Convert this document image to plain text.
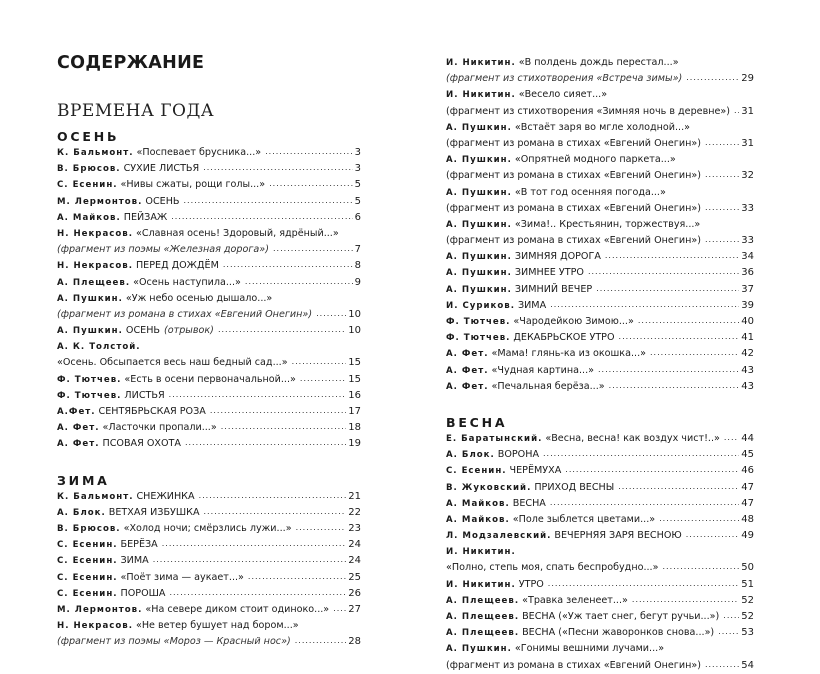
СОДЕРЖАНИЕ
ВРЕМЕНА ГОДА
ОСЕНЬ
К. Бальмонт. «Поспевает брусника...» .....	3
В. Брюсов. СУХИЕ ЛИСТЬЯ .....	3
С. Есенин. «Нивы сжаты, рощи голы...» .....	5
М. Лермонтов. ОСЕНЬ .....	5
А. Майков. ПЕЙЗАЖ .....	6
Н. Некрасов. «Славная осень! Здоровый, ядрёный...»
(фрагмент из поэмы «Железная дорога») .....	7
Н. Некрасов. ПЕРЕД ДОЖДЁМ .....	8
А. Плещеев. «Осень наступила...» .....	9
А. Пушкин. «Уж небо осенью дышало...»
(фрагмент из романа в стихах «Евгений Онегин») .....	10
А. Пушкин. ОСЕНЬ (отрывок) .....	10
А. К. Толстой.
«Осень. Обсыпается весь наш бедный сад...» .....	15
Ф. Тютчев. «Есть в осени первоначальной...» .....	15
Ф. Тютчев. ЛИСТЬЯ .....	16
А.Фет. СЕНТЯБРЬСКАЯ РОЗА .....	17
А. Фет. «Ласточки пропали...» .....	18
А. Фет. ПСОВАЯ ОХОТА .....	19
ЗИМА
К. Бальмонт. СНЕЖИНКА .....	21
А. Блок. ВЕТХАЯ ИЗБУШКА .....	22
В. Брюсов. «Холод ночи; смёрзлись лужи...» .....	23
С. Есенин. БЕРЁЗА .....	24
С. Есенин. ЗИМА .....	24
С. Есенин. «Поёт зима — аукает...» .....	25
С. Есенин. ПОРОША .....	26
М. Лермонтов. «На севере диком стоит одиноко...» ..... 27
Н. Некрасов. «Не ветер бушует над бором...»
(фрагмент из поэмы «Мороз — Красный нос») .....	28
И. Никитин. «В полдень дождь перестал...»
(фрагмент из стихотворения «Встреча зимы») .....	29
И. Никитин. «Весело сияет...»
(фрагмент из стихотворения «Зимняя ночь в деревне») ..... 31
А. Пушкин. «Встаёт заря во мгле холодной...»
(фрагмент из романа в стихах «Евгений Онегин») .....	31
А. Пушкин. «Опрятней модного паркета...»
(фрагмент из романа в стихах «Евгений Онегин») .....	32
А. Пушкин. «В тот год осенняя погода...»
(фрагмент из романа в стихах «Евгений Онегин») .....	33
А. Пушкин. «Зима!.. Крестьянин, торжествуя...»
(фрагмент из романа в стихах «Евгений Онегин») .....	33
А. Пушкин. ЗИМНЯЯ ДОРОГА .....	34
А. Пушкин. ЗИМНЕЕ УТРО .....	36
А. Пушкин. ЗИМНИЙ ВЕЧЕР .....	37
И. Суриков. ЗИМА .....	39
Ф. Тютчев. «Чародейкою Зимою...» .....	40
Ф. Тютчев. ДЕКАБРЬСКОЕ УТРО .....	41
А. Фет. «Мама! глянь-ка из окошка...» .....	42
А. Фет. «Чудная картина...» .....	43
А. Фет. «Печальная берёза...» .....	43
ВЕСНА
Е. Баратынский. «Весна, весна! как воздух чист!..» ..... 44
А. Блок. ВОРОНА .....	45
С. Есенин. ЧЕРЁМУХА .....	46
В. Жуковский. ПРИХОД ВЕСНЫ .....	47
А. Майков. ВЕСНА .....	47
А. Майков. «Поле зыблется цветами...» .....	48
Л. Модзалевский. ВЕЧЕРНЯЯ ЗАРЯ ВЕСНОЮ .....	49
И. Никитин.
«Полно, степь моя, спать беспробудно...» .....	50
И. Никитин. УТРО .....	51
А. Плещеев. «Травка зеленеет...» .....	52
А. Плещеев. ВЕСНА («Уж тает снег, бегут ручьи...») ..... 52
А. Плещеев. ВЕСНА («Песни жаворонков снова...») .....	53
А. Пушкин. «Гонимы вешними лучами...»
(фрагмент из романа в стихах «Евгений Онегин») .....	54
